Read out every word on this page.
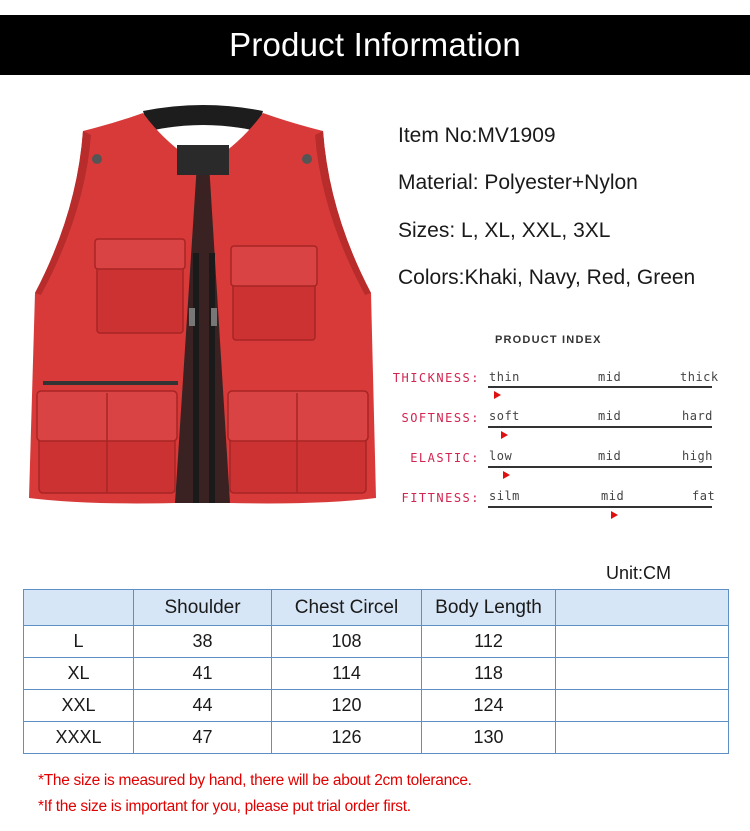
Product Information
Item No:MV1909
Material: Polyester+Nylon
Sizes: L, XL, XXL, 3XL
Colors:Khaki, Navy, Red, Green
PRODUCT INDEX
THICKNESS: thin	mid	thick
SOFTNESS: soft	mid	hard
ELASTIC: low	mid	high
FITTNESS: silm	mid	fat
Unit:CM
	Shoulder	Chest Circel	Body Length	
L	38	108	112	
XL	41	114	118	
XXL	44	120	124	
XXXL	47	126	130	
*The size is measured by hand, there will be about 2cm tolerance.
*If the size is important for you, please put trial order first.
